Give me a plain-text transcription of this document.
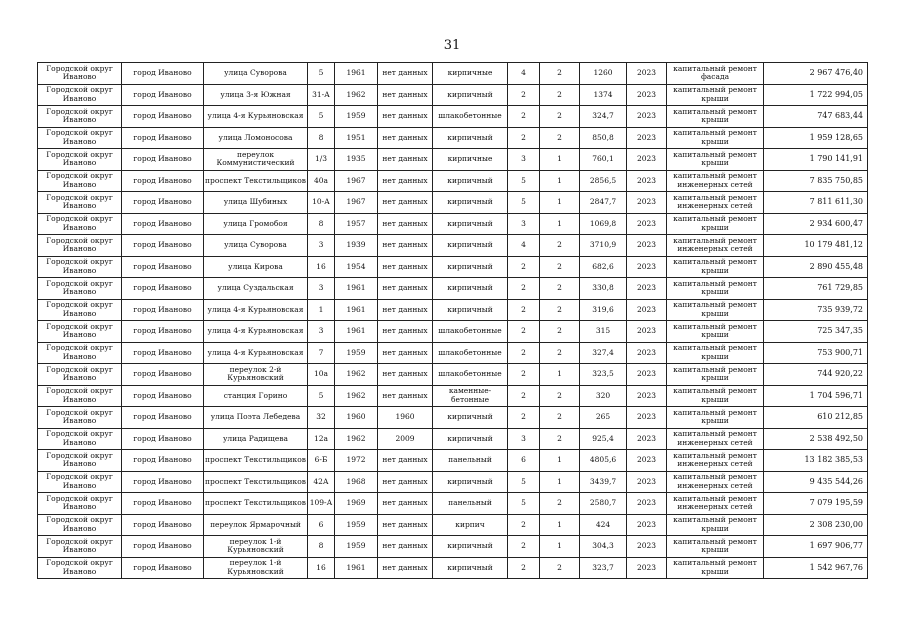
31
Городской округ Иваново	город Иваново	улица Суворова	5	1961	нет данных	кирпичные	4	2	1260	2023	капитальный ремонт фасада	2 967 476,40
Городской округ Иваново	город Иваново	улица 3-я Южная	31-А	1962	нет данных	кирпичный	2	2	1374	2023	капитальный ремонт крыши	1 722 994,05
Городской округ Иваново	город Иваново	улица 4-я Курьяновская	5	1959	нет данных	шлакобетонные	2	2	324,7	2023	капитальный ремонт крыши	747 683,44
Городской округ Иваново	город Иваново	улица Ломоносова	8	1951	нет данных	кирпичный	2	2	850,8	2023	капитальный ремонт крыши	1 959 128,65
Городской округ Иваново	город Иваново	переулок Коммунистический	1/3	1935	нет данных	кирпичные	3	1	760,1	2023	капитальный ремонт крыши	1 790 141,91
Городской округ Иваново	город Иваново	проспект Текстильщиков	40а	1967	нет данных	кирпичный	5	1	2856,5	2023	капитальный ремонт инженерных сетей	7 835 750,85
Городской округ Иваново	город Иваново	улица Шубиных	10-А	1967	нет данных	кирпичный	5	1	2847,7	2023	капитальный ремонт инженерных сетей	7 811 611,30
Городской округ Иваново	город Иваново	улица Громобоя	8	1957	нет данных	кирпичный	3	1	1069,8	2023	капитальный ремонт крыши	2 934 600,47
Городской округ Иваново	город Иваново	улица Суворова	3	1939	нет данных	кирпичный	4	2	3710,9	2023	капитальный ремонт инженерных сетей	10 179 481,12
Городской округ Иваново	город Иваново	улица Кирова	16	1954	нет данных	кирпичный	2	2	682,6	2023	капитальный ремонт крыши	2 890 455,48
Городской округ Иваново	город Иваново	улица Суздальская	3	1961	нет данных	кирпичный	2	2	330,8	2023	капитальный ремонт крыши	761 729,85
Городской округ Иваново	город Иваново	улица 4-я Курьяновская	1	1961	нет данных	кирпичный	2	2	319,6	2023	капитальный ремонт крыши	735 939,72
Городской округ Иваново	город Иваново	улица 4-я Курьяновская	3	1961	нет данных	шлакобетонные	2	2	315	2023	капитальный ремонт крыши	725 347,35
Городской округ Иваново	город Иваново	улица 4-я Курьяновская	7	1959	нет данных	шлакобетонные	2	2	327,4	2023	капитальный ремонт крыши	753 900,71
Городской округ Иваново	город Иваново	переулок 2-й Курьяновский	10а	1962	нет данных	шлакобетонные	2	1	323,5	2023	капитальный ремонт крыши	744 920,22
Городской округ Иваново	город Иваново	станция Горино	5	1962	нет данных	каменные- бетонные	2	2	320	2023	капитальный ремонт крыши	1 704 596,71
Городской округ Иваново	город Иваново	улица Поэта Лебедева	32	1960	1960	кирпичный	2	2	265	2023	капитальный ремонт крыши	610 212,85
Городской округ Иваново	город Иваново	улица Радищева	12а	1962	2009	кирпичный	3	2	925,4	2023	капитальный ремонт инженерных сетей	2 538 492,50
Городской округ Иваново	город Иваново	проспект Текстильщиков	6-Б	1972	нет данных	панельный	6	1	4805,6	2023	капитальный ремонт инженерных сетей	13 182 385,53
Городской округ Иваново	город Иваново	проспект Текстильщиков	42А	1968	нет данных	кирпичный	5	1	3439,7	2023	капитальный ремонт инженерных сетей	9 435 544,26
Городской округ Иваново	город Иваново	проспект Текстильщиков	109-А	1969	нет данных	панельный	5	2	2580,7	2023	капитальный ремонт инженерных сетей	7 079 195,59
Городской округ Иваново	город Иваново	переулок Ярмарочный	6	1959	нет данных	кирпич	2	1	424	2023	капитальный ремонт крыши	2 308 230,00
Городской округ Иваново	город Иваново	переулок 1-й Курьяновский	8	1959	нет данных	кирпичный	2	1	304,3	2023	капитальный ремонт крыши	1 697 906,77
Городской округ Иваново	город Иваново	переулок 1-й Курьяновский	16	1961	нет данных	кирпичный	2	2	323,7	2023	капитальный ремонт крыши	1 542 967,76
